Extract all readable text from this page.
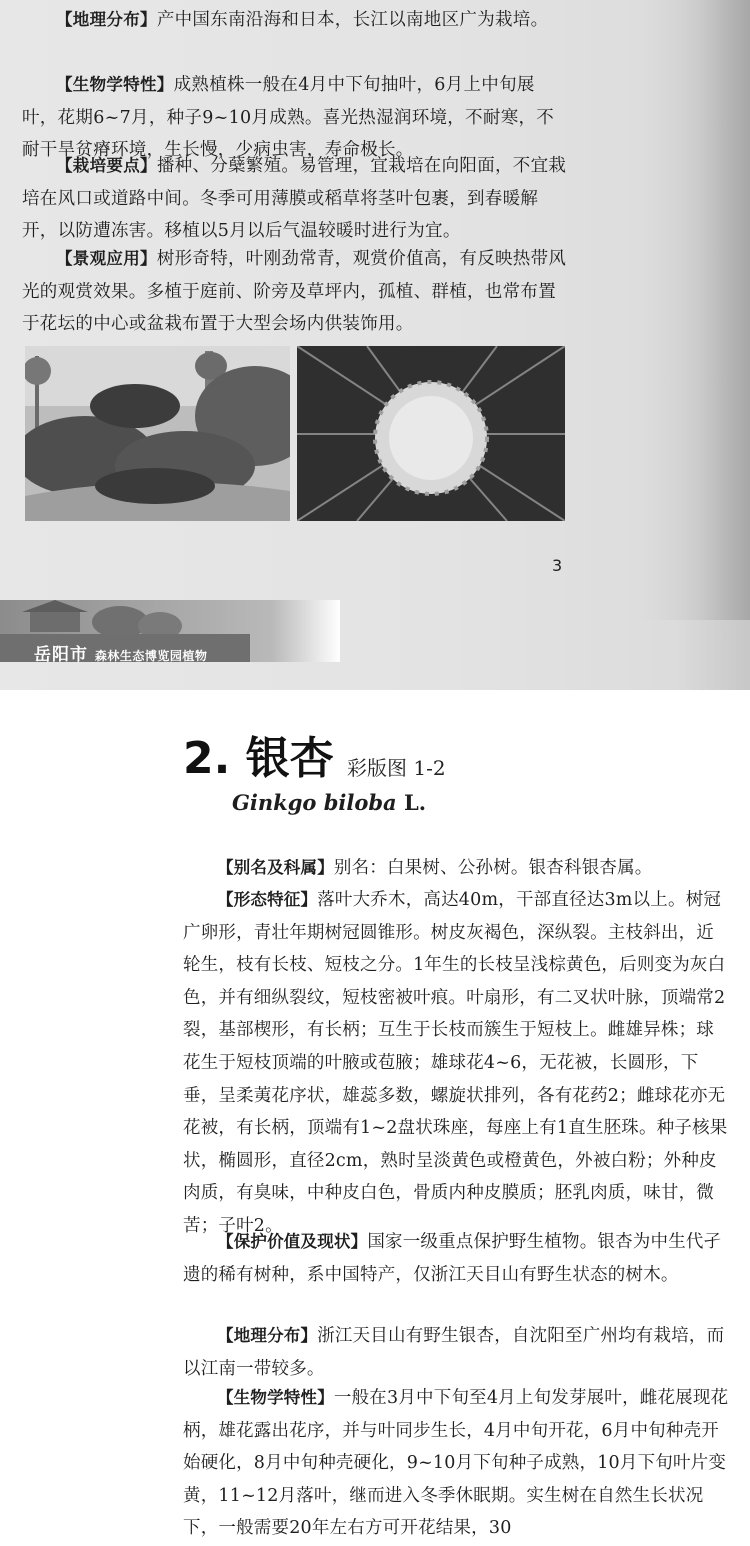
【地理分布】产中国东南沿海和日本，长江以南地区广为栽培。

【生物学特性】成熟植株一般在4月中下旬抽叶，6月上中旬展叶，花期6~7月，种子9~10月成熟。喜光热湿润环境，不耐寒，不耐干旱贫瘠环境，生长慢，少病虫害，寿命极长。

【栽培要点】播种、分蘖繁殖。易管理，宜栽培在向阳面，不宜栽培在风口或道路中间。冬季可用薄膜或稻草将茎叶包裹，到春暖解开，以防遭冻害。移植以5月以后气温较暖时进行为宜。

【景观应用】树形奇特，叶刚劲常青，观赏价值高，有反映热带风光的观赏效果。多植于庭前、阶旁及草坪内，孤植、群植，也常布置于花坛的中心或盆栽布置于大型会场内供装饰用。

3
岳阳市 森林生态博览园植物
2. 银杏 彩版图 1-2
Ginkgo biloba L.

【别名及科属】别名：白果树、公孙树。银杏科银杏属。

【形态特征】落叶大乔木，高达40m，干部直径达3m以上。树冠广卵形，青壮年期树冠圆锥形。树皮灰褐色，深纵裂。主枝斜出，近轮生，枝有长枝、短枝之分。1年生的长枝呈浅棕黄色，后则变为灰白色，并有细纵裂纹，短枝密被叶痕。叶扇形，有二叉状叶脉，顶端常2裂，基部楔形，有长柄；互生于长枝而簇生于短枝上。雌雄异株；球花生于短枝顶端的叶腋或苞腋；雄球花4~6，无花被，长圆形，下垂，呈柔荑花序状，雄蕊多数，螺旋状排列，各有花药2；雌球花亦无花被，有长柄，顶端有1~2盘状珠座，每座上有1直生胚珠。种子核果状，椭圆形，直径2cm，熟时呈淡黄色或橙黄色，外被白粉；外种皮肉质，有臭味，中种皮白色，骨质内种皮膜质；胚乳肉质，味甘，微苦；子叶2。

【保护价值及现状】国家一级重点保护野生植物。银杏为中生代孑遗的稀有树种，系中国特产，仅浙江天目山有野生状态的树木。

【地理分布】浙江天目山有野生银杏，自沈阳至广州均有栽培，而以江南一带较多。

【生物学特性】一般在3月中下旬至4月上旬发芽展叶，雌花展现花柄，雄花露出花序，并与叶同步生长，4月中旬开花，6月中旬种壳开始硬化，8月中旬种壳硬化，9~10月下旬种子成熟，10月下旬叶片变黄，11~12月落叶，继而进入冬季休眠期。实生树在自然生长状况下，一般需要20年左右方可开花结果，30
